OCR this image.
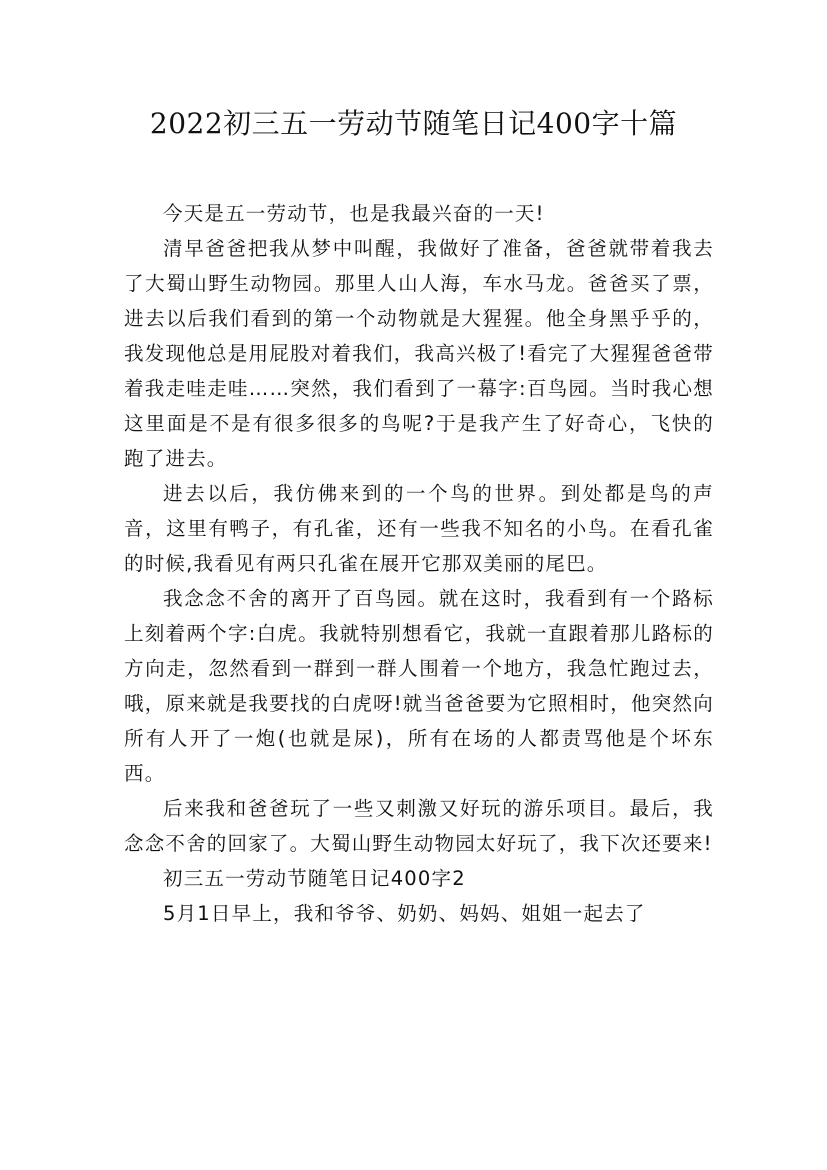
2022初三五一劳动节随笔日记400字十篇

今天是五一劳动节，也是我最兴奋的一天!

清早爸爸把我从梦中叫醒，我做好了准备，爸爸就带着我去了大蜀山野生动物园。那里人山人海，车水马龙。爸爸买了票，进去以后我们看到的第一个动物就是大猩猩。他全身黑乎乎的，我发现他总是用屁股对着我们，我高兴极了!看完了大猩猩爸爸带着我走哇走哇……突然，我们看到了一幕字:百鸟园。当时我心想这里面是不是有很多很多的鸟呢?于是我产生了好奇心，飞快的跑了进去。

进去以后，我仿佛来到的一个鸟的世界。到处都是鸟的声音，这里有鸭子，有孔雀，还有一些我不知名的小鸟。在看孔雀的时候,我看见有两只孔雀在展开它那双美丽的尾巴。

我念念不舍的离开了百鸟园。就在这时，我看到有一个路标上刻着两个字:白虎。我就特别想看它，我就一直跟着那儿路标的方向走，忽然看到一群到一群人围着一个地方，我急忙跑过去，哦，原来就是我要找的白虎呀!就当爸爸要为它照相时，他突然向所有人开了一炮(也就是尿)，所有在场的人都责骂他是个坏东西。

后来我和爸爸玩了一些又刺激又好玩的游乐项目。最后，我念念不舍的回家了。大蜀山野生动物园太好玩了，我下次还要来!

初三五一劳动节随笔日记400字2

5月1日早上，我和爷爷、奶奶、妈妈、姐姐一起去了
